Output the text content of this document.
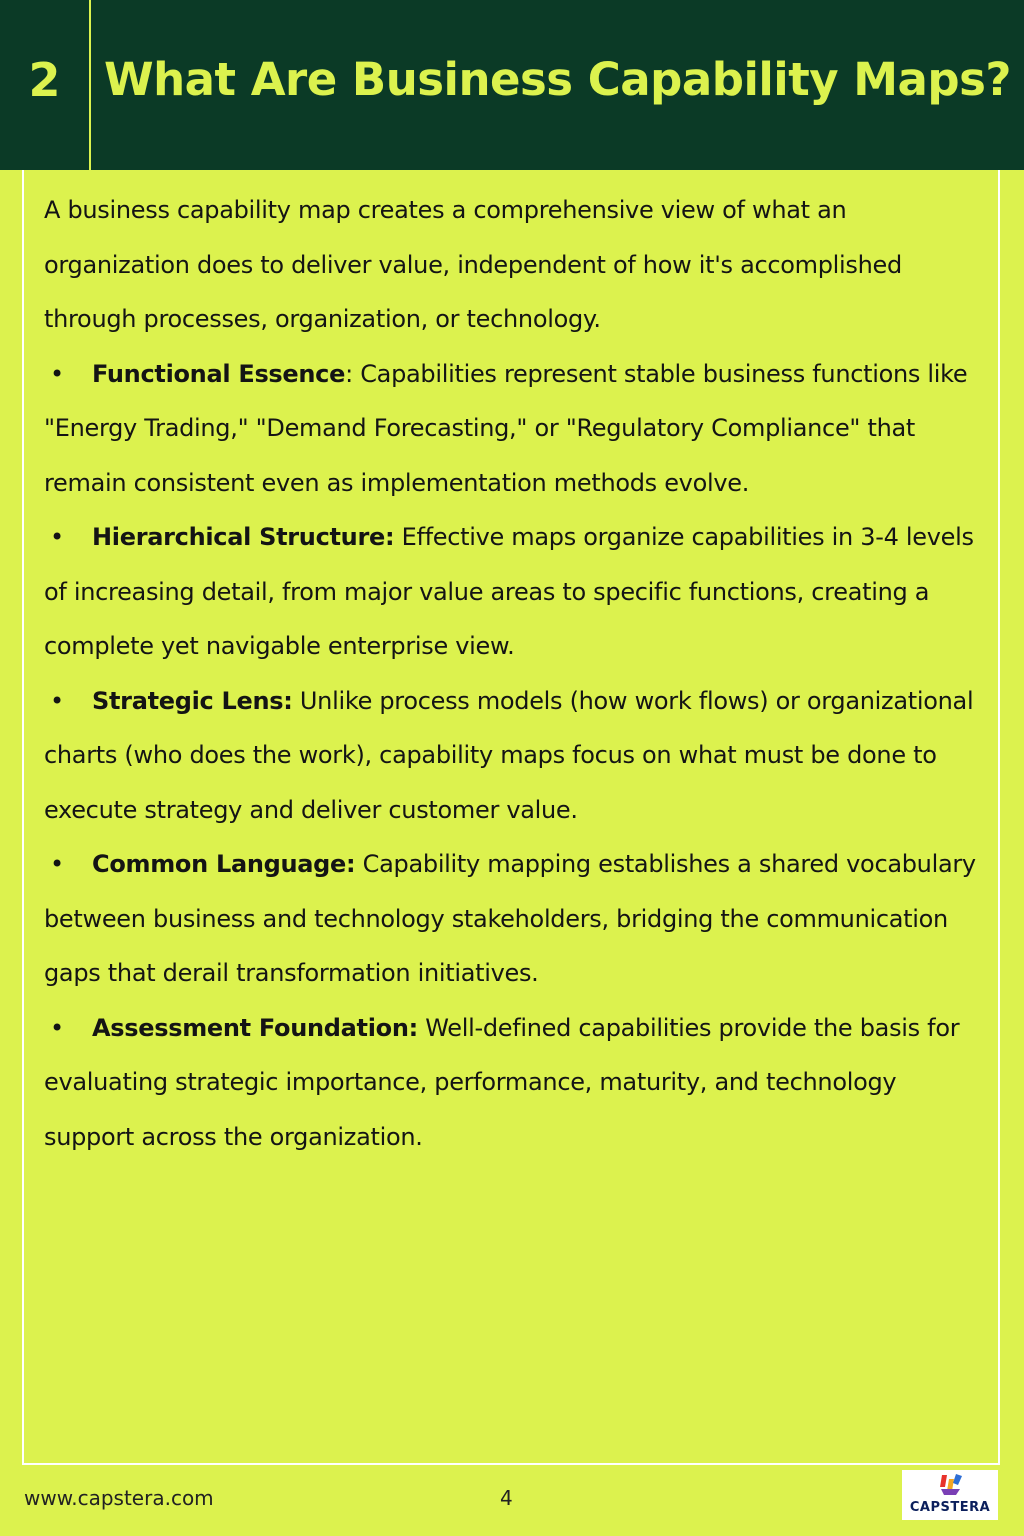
2 What Are Business Capability Maps?

A business capability map creates a comprehensive view of what an organization does to deliver value, independent of how it's accomplished through processes, organization, or technology.

• Functional Essence: Capabilities represent stable business functions like "Energy Trading," "Demand Forecasting," or "Regulatory Compliance" that remain consistent even as implementation methods evolve.

• Hierarchical Structure: Effective maps organize capabilities in 3-4 levels of increasing detail, from major value areas to specific functions, creating a complete yet navigable enterprise view.

• Strategic Lens: Unlike process models (how work flows) or organizational charts (who does the work), capability maps focus on what must be done to execute strategy and deliver customer value.

• Common Language: Capability mapping establishes a shared vocabulary between business and technology stakeholders, bridging the communication gaps that derail transformation initiatives.

• Assessment Foundation: Well-defined capabilities provide the basis for evaluating strategic importance, performance, maturity, and technology support across the organization.

www.capstera.com	4	CAPSTERA
